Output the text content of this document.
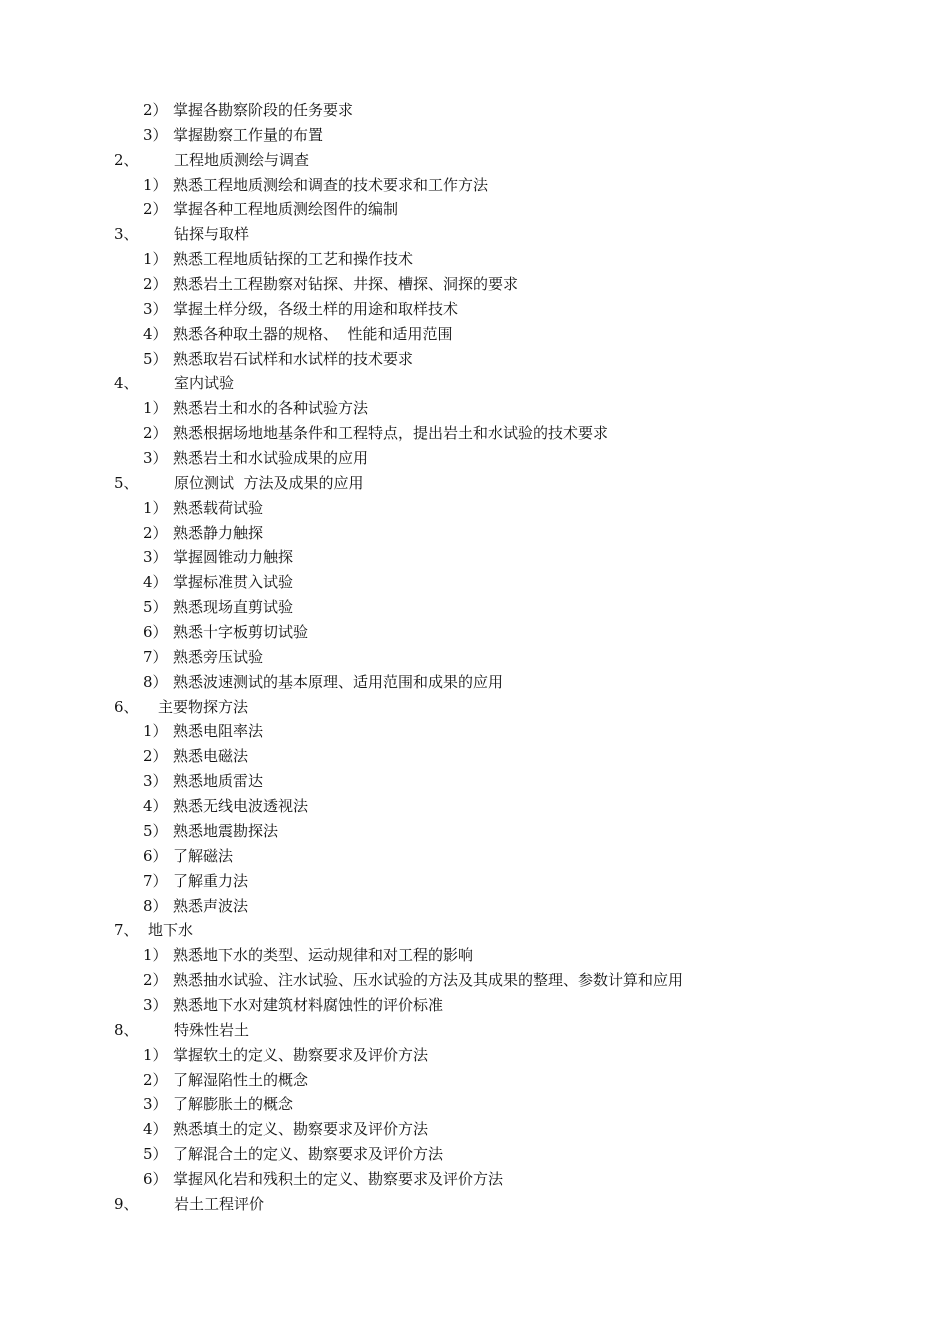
2） 掌握各勘察阶段的任务要求
3） 掌握勘察工作量的布置
2、 工程地质测绘与调查
1） 熟悉工程地质测绘和调查的技术要求和工作方法
2） 掌握各种工程地质测绘图件的编制
3、 钻探与取样
1） 熟悉工程地质钻探的工艺和操作技术
2） 熟悉岩土工程勘察对钻探、井探、槽探、洞探的要求
3） 掌握土样分级，各级土样的用途和取样技术
4） 熟悉各种取土器的规格、  性能和适用范围
5） 熟悉取岩石试样和水试样的技术要求
4、 室内试验
1） 熟悉岩土和水的各种试验方法
2） 熟悉根据场地地基条件和工程特点，提出岩土和水试验的技术要求
3） 熟悉岩土和水试验成果的应用
5、 原位测试  方法及成果的应用
1） 熟悉载荷试验
2） 熟悉静力触探
3） 掌握圆锥动力触探
4） 掌握标准贯入试验
5） 熟悉现场直剪试验
6） 熟悉十字板剪切试验
7） 熟悉旁压试验
8） 熟悉波速测试的基本原理、适用范围和成果的应用
6、 主要物探方法
1） 熟悉电阻率法
2） 熟悉电磁法
3） 熟悉地质雷达
4） 熟悉无线电波透视法
5） 熟悉地震勘探法
6） 了解磁法
7） 了解重力法
8） 熟悉声波法
7、 地下水
1） 熟悉地下水的类型、运动规律和对工程的影响
2） 熟悉抽水试验、注水试验、压水试验的方法及其成果的整理、参数计算和应用
3） 熟悉地下水对建筑材料腐蚀性的评价标准
8、 特殊性岩土
1） 掌握软土的定义、勘察要求及评价方法
2） 了解湿陷性土的概念
3） 了解膨胀土的概念
4） 熟悉填土的定义、勘察要求及评价方法
5） 了解混合土的定义、勘察要求及评价方法
6） 掌握风化岩和残积土的定义、勘察要求及评价方法
9、 岩土工程评价
